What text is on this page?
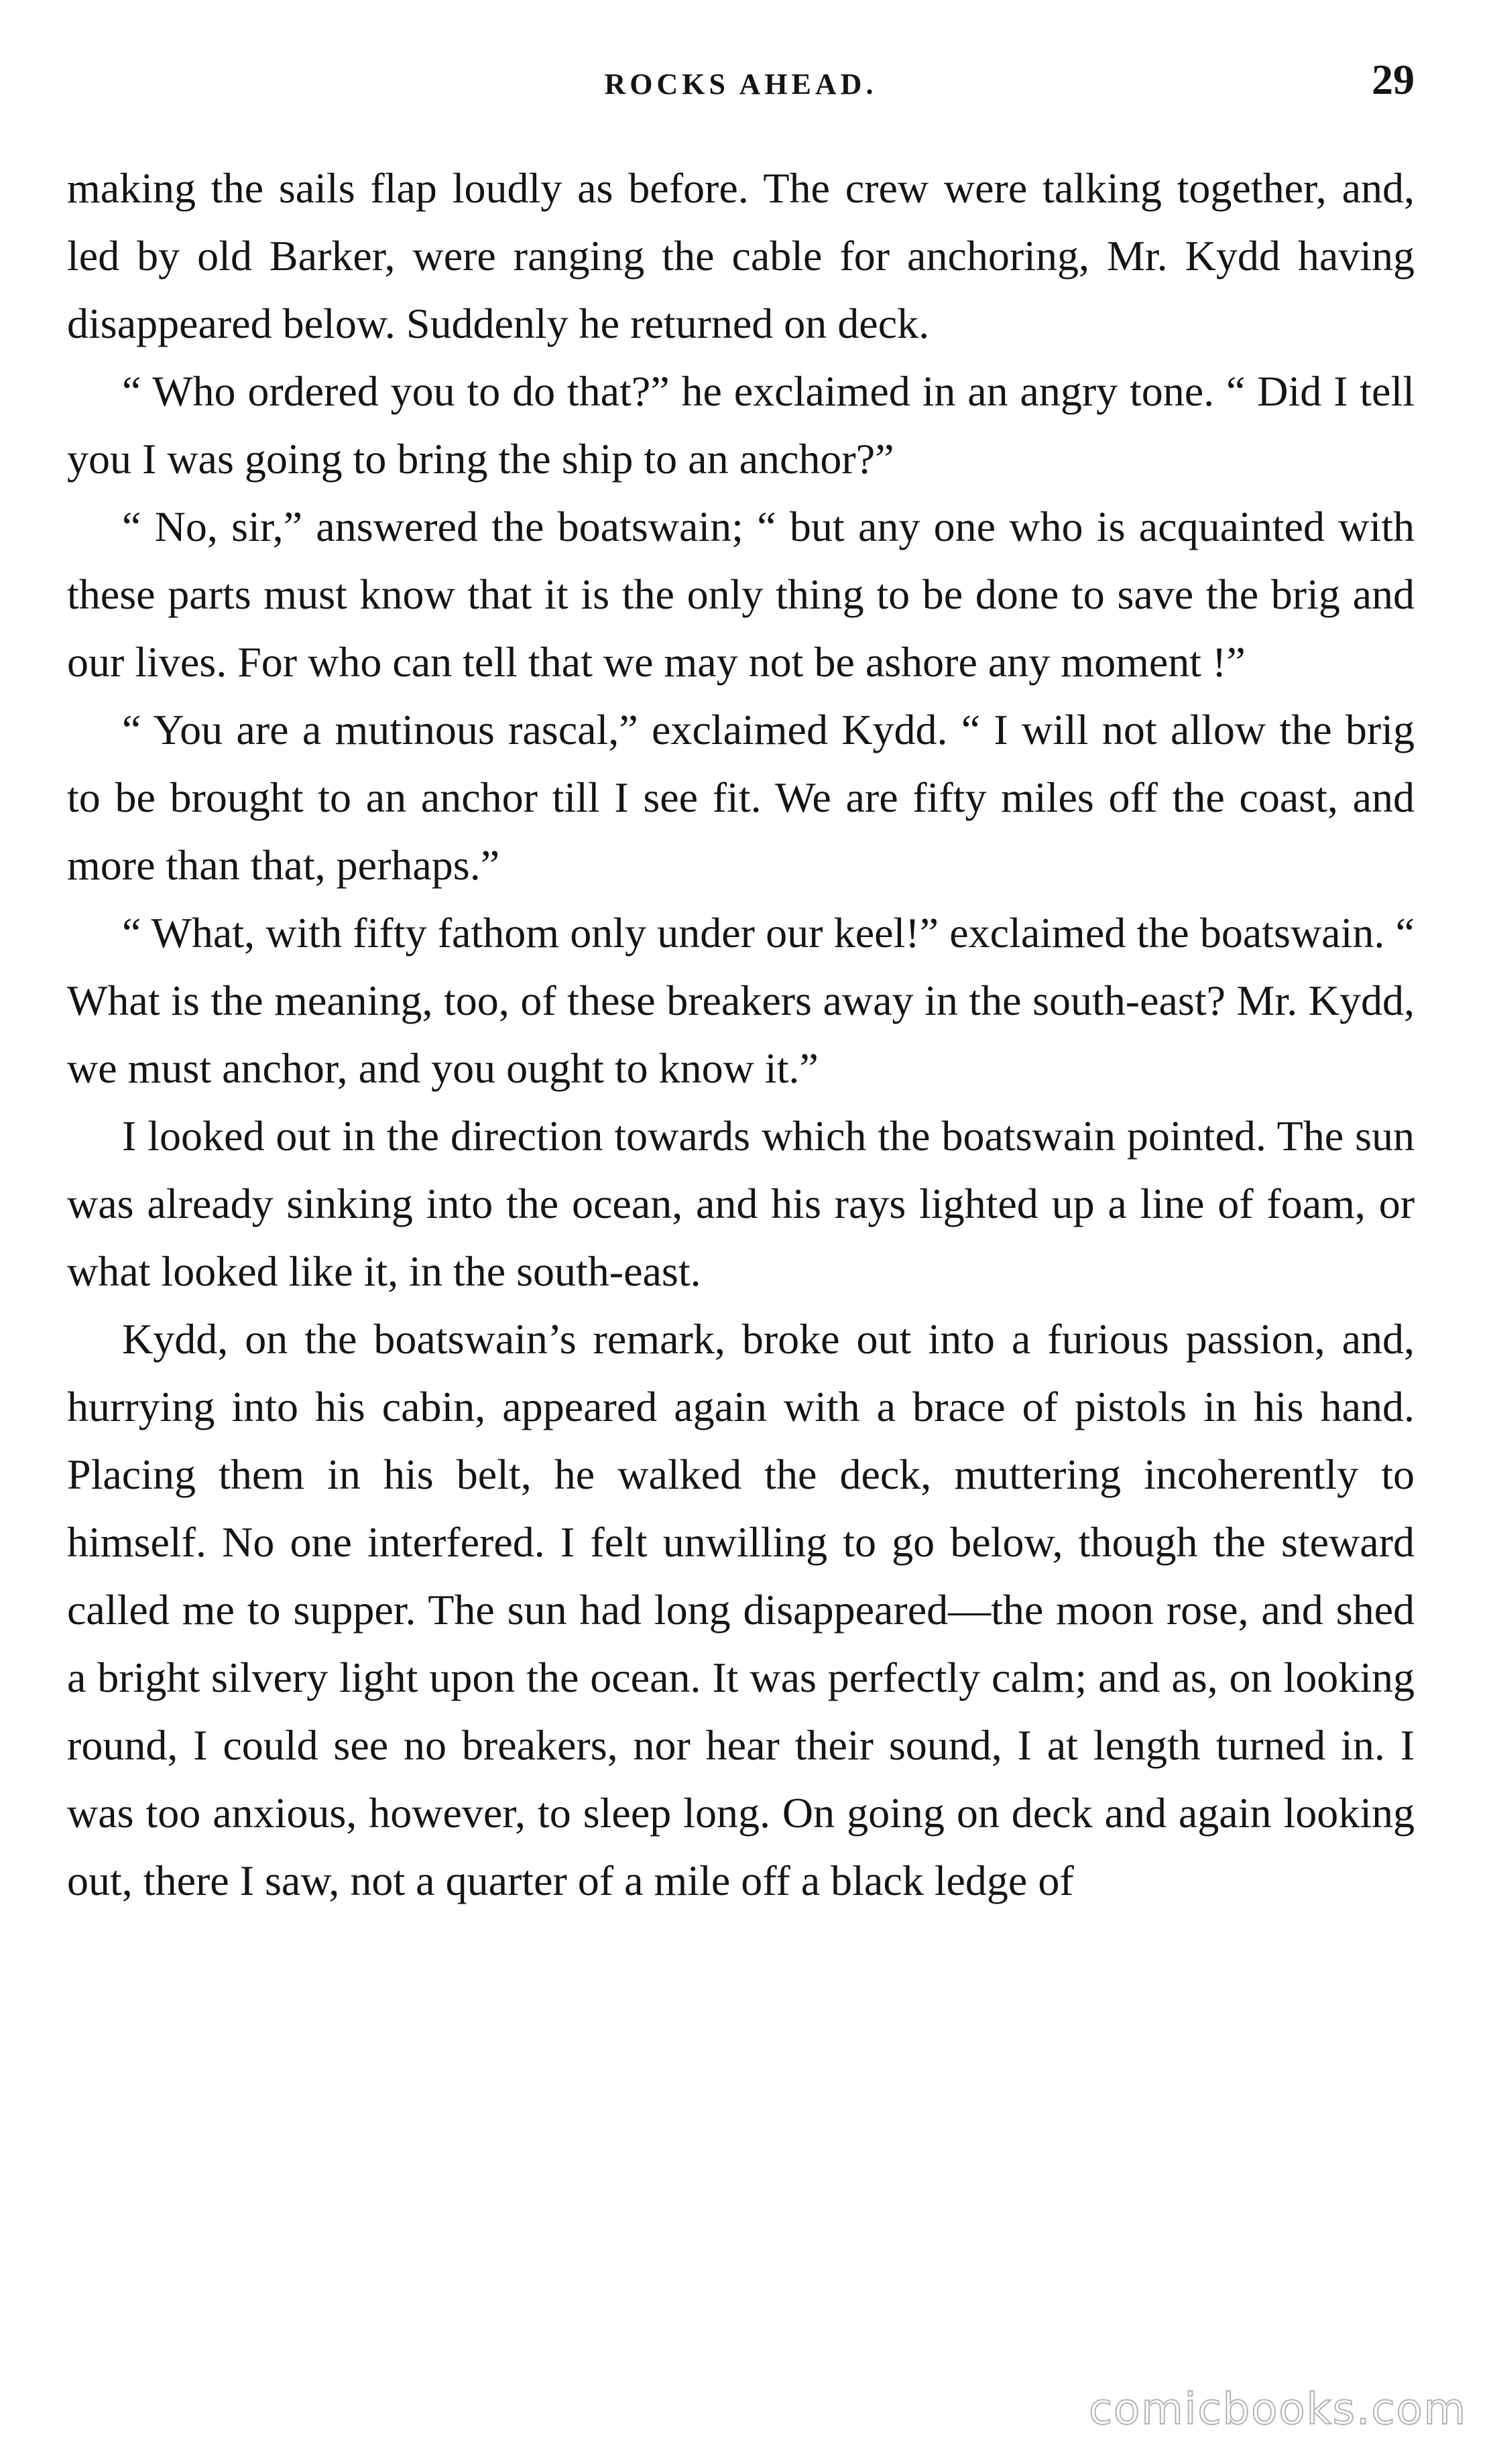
ROCKS AHEAD.	29

making the sails flap loudly as before. The crew were talking together, and, led by old Barker, were ranging the cable for anchoring, Mr. Kydd having disappeared below. Suddenly he returned on deck.

“ Who ordered you to do that?” he exclaimed in an angry tone. “ Did I tell you I was going to bring the ship to an anchor?”

“ No, sir,” answered the boatswain; “ but any one who is acquainted with these parts must know that it is the only thing to be done to save the brig and our lives. For who can tell that we may not be ashore any moment !”

“ You are a mutinous rascal,” exclaimed Kydd. “ I will not allow the brig to be brought to an anchor till I see fit. We are fifty miles off the coast, and more than that, perhaps.”

“ What, with fifty fathom only under our keel!” exclaimed the boatswain. “ What is the meaning, too, of these breakers away in the south-east? Mr. Kydd, we must anchor, and you ought to know it.”

I looked out in the direction towards which the boatswain pointed. The sun was already sinking into the ocean, and his rays lighted up a line of foam, or what looked like it, in the south-east.

Kydd, on the boatswain’s remark, broke out into a furious passion, and, hurrying into his cabin, appeared again with a brace of pistols in his hand. Placing them in his belt, he walked the deck, muttering incoherently to himself. No one interfered. I felt unwilling to go below, though the steward called me to supper. The sun had long disappeared—the moon rose, and shed a bright silvery light upon the ocean. It was perfectly calm; and as, on looking round, I could see no breakers, nor hear their sound, I at length turned in. I was too anxious, however, to sleep long. On going on deck and again looking out, there I saw, not a quarter of a mile off a black ledge of

comicbooks.com
